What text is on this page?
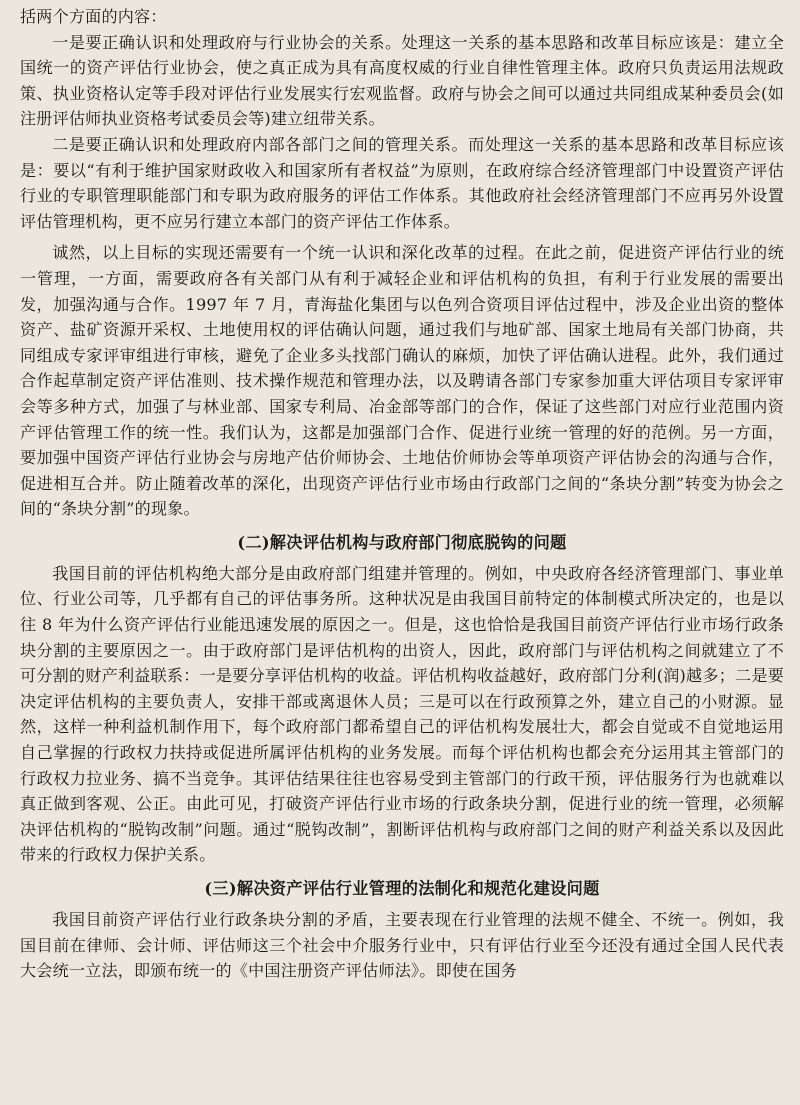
括两个方面的内容：

一是要正确认识和处理政府与行业协会的关系。处理这一关系的基本思路和改革目标应该是：建立全国统一的资产评估行业协会，使之真正成为具有高度权威的行业自律性管理主体。政府只负责运用法规政策、执业资格认定等手段对评估行业发展实行宏观监督。政府与协会之间可以通过共同组成某种委员会(如注册评估师执业资格考试委员会等)建立纽带关系。

二是要正确认识和处理政府内部各部门之间的管理关系。而处理这一关系的基本思路和改革目标应该是：要以“有利于维护国家财政收入和国家所有者权益”为原则，在政府综合经济管理部门中设置资产评估行业的专职管理职能部门和专职为政府服务的评估工作体系。其他政府社会经济管理部门不应再另外设置评估管理机构，更不应另行建立本部门的资产评估工作体系。

诚然，以上目标的实现还需要有一个统一认识和深化改革的过程。在此之前，促进资产评估行业的统一管理，一方面，需要政府各有关部门从有利于减轻企业和评估机构的负担，有利于行业发展的需要出发，加强沟通与合作。1997 年 7 月，青海盐化集团与以色列合资项目评估过程中，涉及企业出资的整体资产、盐矿资源开采权、土地使用权的评估确认问题，通过我们与地矿部、国家土地局有关部门协商，共同组成专家评审组进行审核，避免了企业多头找部门确认的麻烦，加快了评估确认进程。此外，我们通过合作起草制定资产评估准则、技术操作规范和管理办法，以及聘请各部门专家参加重大评估项目专家评审会等多种方式，加强了与林业部、国家专利局、冶金部等部门的合作，保证了这些部门对应行业范围内资产评估管理工作的统一性。我们认为，这都是加强部门合作、促进行业统一管理的好的范例。另一方面，要加强中国资产评估行业协会与房地产估价师协会、土地估价师协会等单项资产评估协会的沟通与合作，促进相互合并。防止随着改革的深化，出现资产评估行业市场由行政部门之间的“条块分割”转变为协会之间的“条块分割”的现象。

(二)解决评估机构与政府部门彻底脱钩的问题

我国目前的评估机构绝大部分是由政府部门组建并管理的。例如，中央政府各经济管理部门、事业单位、行业公司等，几乎都有自己的评估事务所。这种状况是由我国目前特定的体制模式所决定的，也是以往 8 年为什么资产评估行业能迅速发展的原因之一。但是，这也恰恰是我国目前资产评估行业市场行政条块分割的主要原因之一。由于政府部门是评估机构的出资人，因此，政府部门与评估机构之间就建立了不可分割的财产利益联系：一是要分享评估机构的收益。评估机构收益越好，政府部门分利(润)越多；二是要决定评估机构的主要负责人，安排干部或离退休人员；三是可以在行政预算之外，建立自己的小财源。显然，这样一种利益机制作用下，每个政府部门都希望自己的评估机构发展壮大，都会自觉或不自觉地运用自己掌握的行政权力扶持或促进所属评估机构的业务发展。而每个评估机构也都会充分运用其主管部门的行政权力拉业务、搞不当竞争。其评估结果往往也容易受到主管部门的行政干预，评估服务行为也就难以真正做到客观、公正。由此可见，打破资产评估行业市场的行政条块分割，促进行业的统一管理，必须解决评估机构的“脱钩改制”问题。通过“脱钩改制”，割断评估机构与政府部门之间的财产利益关系以及因此带来的行政权力保护关系。

(三)解决资产评估行业管理的法制化和规范化建设问题

我国目前资产评估行业行政条块分割的矛盾，主要表现在行业管理的法规不健全、不统一。例如，我国目前在律师、会计师、评估师这三个社会中介服务行业中，只有评估行业至今还没有通过全国人民代表大会统一立法，即颁布统一的《中国注册资产评估师法》。即使在国务
